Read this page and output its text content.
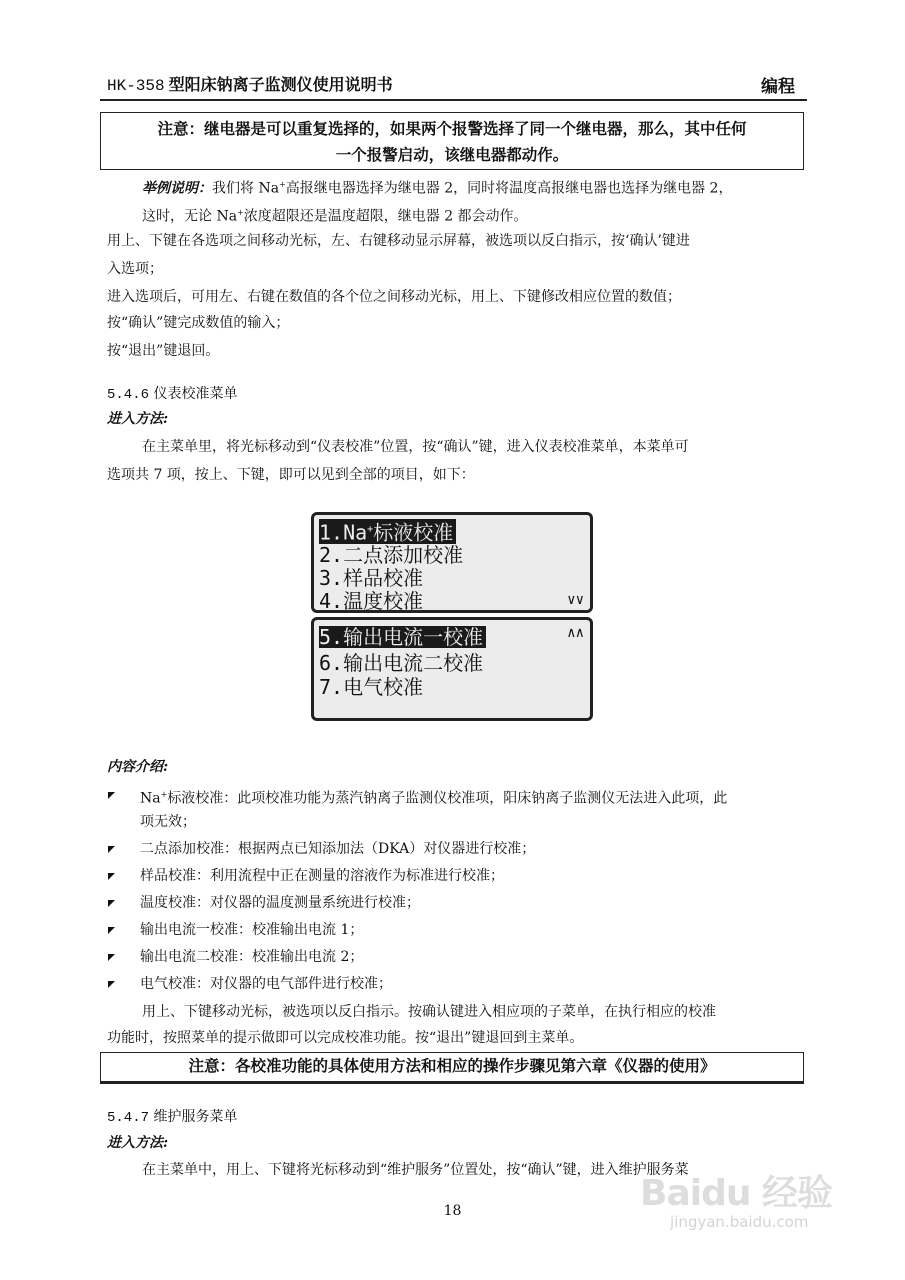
HK-358 型阳床钠离子监测仪使用说明书	编程
注意：继电器是可以重复选择的，如果两个报警选择了同一个继电器，那么，其中任何
一个报警启动，该继电器都动作。
举例说明：我们将 Na+高报继电器选择为继电器 2，同时将温度高报继电器也选择为继电器 2，
这时，无论 Na+浓度超限还是温度超限，继电器 2 都会动作。
用上、下键在各选项之间移动光标，左、右键移动显示屏幕，被选项以反白指示，按‘确认’键进
入选项；
进入选项后，可用左、右键在数值的各个位之间移动光标，用上、下键修改相应位置的数值；
按“确认”键完成数值的输入；
按“退出”键退回。
5.4.6 仪表校准菜单
进入方法:
在主菜单里，将光标移动到“仪表校准”位置，按“确认”键，进入仪表校准菜单，本菜单可
选项共 7 项，按上、下键，即可以见到全部的项目，如下：
1.Na+标液校准
2.二点添加校准
3.样品校准
4.温度校准	∨∨
5.输出电流一校准
6.输出电流二校准
7.电气校准
∧∧
内容介绍:
Na+标液校准：此项校准功能为蒸汽钠离子监测仪校准项，阳床钠离子监测仪无法进入此项，此
项无效；
二点添加校准：根据两点已知添加法（DKA）对仪器进行校准；
样品校准：利用流程中正在测量的溶液作为标准进行校准；
温度校准：对仪器的温度测量系统进行校准；
输出电流一校准：校准输出电流 1；
输出电流二校准：校准输出电流 2；
电气校准：对仪器的电气部件进行校准；
用上、下键移动光标，被选项以反白指示。按确认键进入相应项的子菜单，在执行相应的校准
功能时，按照菜单的提示做即可以完成校准功能。按“退出”键退回到主菜单。
注意：各校准功能的具体使用方法和相应的操作步骤见第六章《仪器的使用》
5.4.7 维护服务菜单
进入方法:
在主菜单中，用上、下键将光标移动到“维护服务”位置处，按“确认”键，进入维护服务菜
18	Baidu 经验
jingyan.baidu.com
